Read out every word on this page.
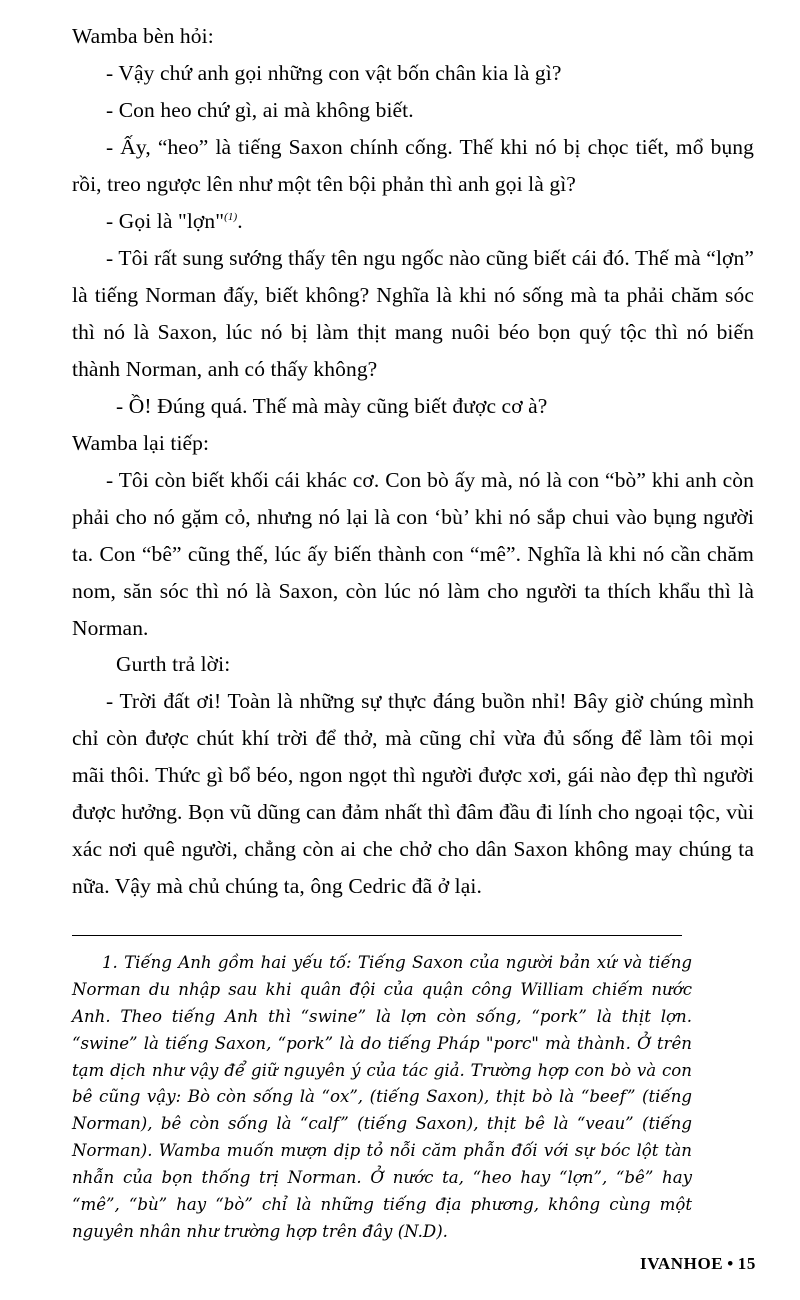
Wamba bèn hỏi:

- Vậy chứ anh gọi những con vật bốn chân kia là gì?

- Con heo chứ gì, ai mà không biết.

- Ấy, “heo” là tiếng Saxon chính cống. Thế khi nó bị chọc tiết, mổ bụng rồi, treo ngược lên như một tên bội phản thì anh gọi là gì?

- Gọi là "lợn"$^{(1)}$.

- Tôi rất sung sướng thấy tên ngu ngốc nào cũng biết cái đó. Thế mà “lợn” là tiếng Norman đấy, biết không? Nghĩa là khi nó sống mà ta phải chăm sóc thì nó là Saxon, lúc nó bị làm thịt mang nuôi béo bọn quý tộc thì nó biến thành Norman, anh có thấy không?

- Ồ! Đúng quá. Thế mà mày cũng biết được cơ à?

Wamba lại tiếp:

- Tôi còn biết khối cái khác cơ. Con bò ấy mà, nó là con “bò” khi anh còn phải cho nó gặm cỏ, nhưng nó lại là con ‘bù’ khi nó sắp chui vào bụng người ta. Con “bê” cũng thế, lúc ấy biến thành con “mê”. Nghĩa là khi nó cần chăm nom, săn sóc thì nó là Saxon, còn lúc nó làm cho người ta thích khẩu thì là Norman.

Gurth trả lời:

- Trời đất ơi! Toàn là những sự thực đáng buồn nhỉ! Bây giờ chúng mình chỉ còn được chút khí trời để thở, mà cũng chỉ vừa đủ sống để làm tôi mọi mãi thôi. Thức gì bổ béo, ngon ngọt thì người được xơi, gái nào đẹp thì người được hưởng. Bọn vũ dũng can đảm nhất thì đâm đầu đi lính cho ngoại tộc, vùi xác nơi quê người, chẳng còn ai che chở cho dân Saxon không may chúng ta nữa. Vậy mà chủ chúng ta, ông Cedric đã ở lại.

1. Tiếng Anh gồm hai yếu tố: Tiếng Saxon của người bản xứ và tiếng Norman du nhập sau khi quân đội của quận công William chiếm nước Anh. Theo tiếng Anh thì “swine” là lợn còn sống, “pork” là thịt lợn. “swine” là tiếng Saxon, “pork” là do tiếng Pháp "porc" mà thành. Ở trên tạm dịch như vậy để giữ nguyên ý của tác giả. Trường hợp con bò và con bê cũng vậy: Bò còn sống là “ox”, (tiếng Saxon), thịt bò là “beef” (tiếng Norman), bê còn sống là “calf” (tiếng Saxon), thịt bê là “veau” (tiếng Norman). Wamba muốn mượn dịp tỏ nỗi căm phẫn đối với sự bóc lột tàn nhẫn của bọn thống trị Norman. Ở nước ta, “heo hay “lợn”, “bê” hay “mê”, “bù” hay “bò” chỉ là những tiếng địa phương, không cùng một nguyên nhân như trường hợp trên đây (N.D).

IVANHOE • 15
